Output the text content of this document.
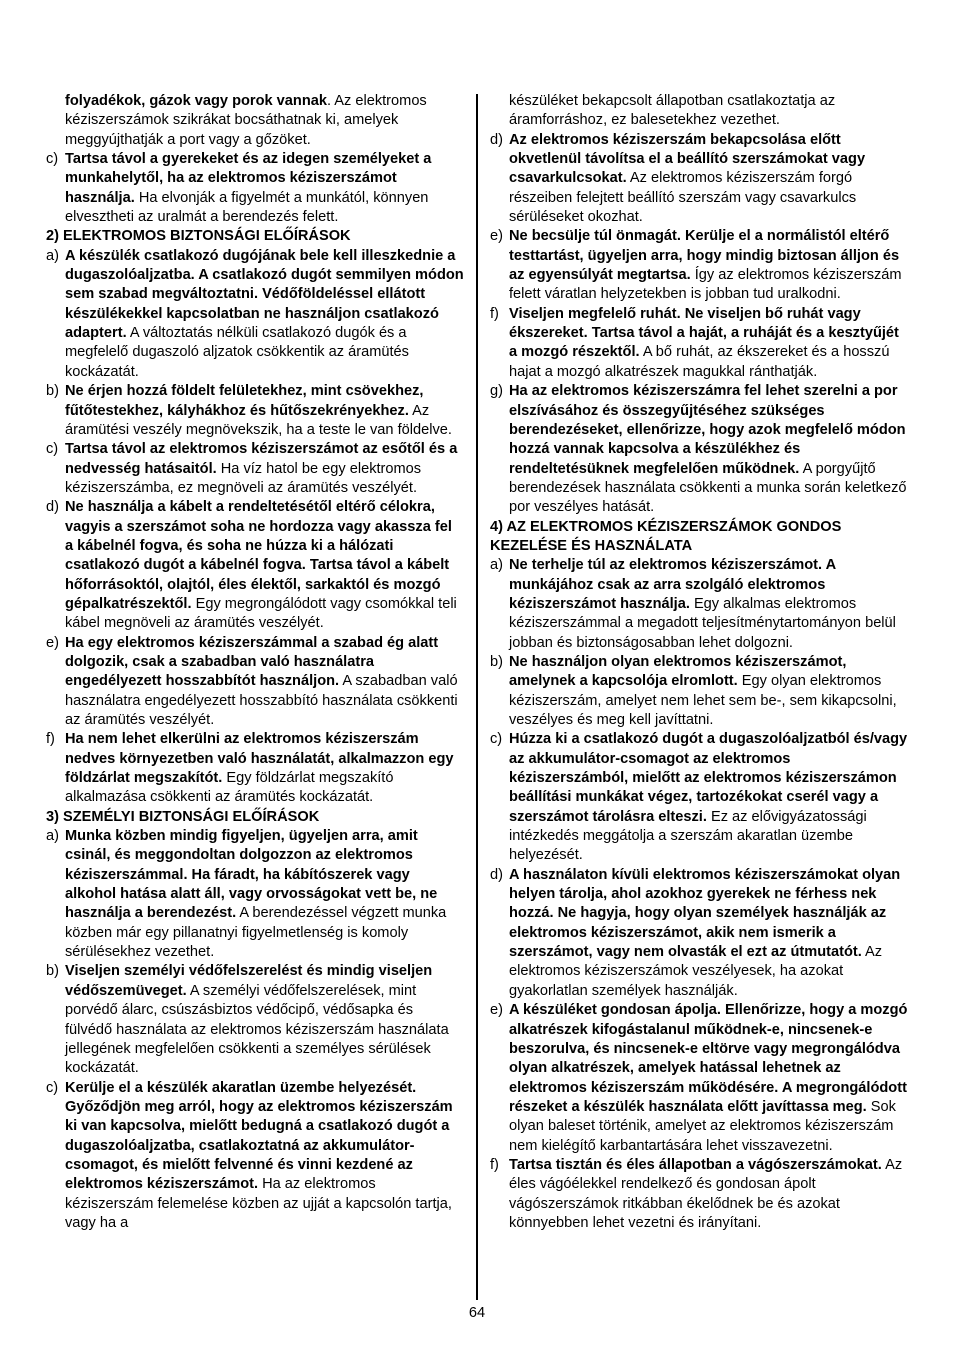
folyadékok, gázok vagy porok vannak. Az elektromos kéziszerszámok szikrákat bocsáthatnak ki, amelyek meggyújthatják a port vagy a gőzöket.

c) Tartsa távol a gyerekeket és az idegen személyeket a munkahelytől, ha az elektromos kéziszerszámot használja. Ha elvonják a figyelmét a munkától, könnyen elvesztheti az uralmát a berendezés felett.

2) ELEKTROMOS BIZTONSÁGI ELŐÍRÁSOK

a) A készülék csatlakozó dugójának bele kell illeszkednie a dugaszolóaljzatba. A csatlakozó dugót semmilyen módon sem szabad megváltoztatni. Védőföldeléssel ellátott készülékekkel kapcsolatban ne használjon csatlakozó adaptert. A változtatás nélküli csatlakozó dugók és a megfelelő dugaszoló aljzatok csökkentik az áramütés kockázatát.

b) Ne érjen hozzá földelt felületekhez, mint csövekhez, fűtőtestekhez, kályhákhoz és hűtőszekrényekhez. Az áramütési veszély megnövekszik, ha a teste le van földelve.

c) Tartsa távol az elektromos kéziszerszámot az esőtől és a nedvesség hatásaitól. Ha víz hatol be egy elektromos kéziszerszámba, ez megnöveli az áramütés veszélyét.

d) Ne használja a kábelt a rendeltetésétől eltérő célokra, vagyis a szerszámot soha ne hordozza vagy akassza fel a kábelnél fogva, és soha ne húzza ki a hálózati csatlakozó dugót a kábelnél fogva. Tartsa távol a kábelt hőforrásoktól, olajtól, éles élektől, sarkaktól és mozgó gépalkatrészektől. Egy megrongálódott vagy csomókkal teli kábel megnöveli az áramütés veszélyét.

e) Ha egy elektromos kéziszerszámmal a szabad ég alatt dolgozik, csak a szabadban való használatra engedélyezett hosszabbítót használjon. A szabadban való használatra engedélyezett hosszabbító használata csökkenti az áramütés veszélyét.

f) Ha nem lehet elkerülni az elektromos kéziszerszám nedves környezetben való használatát, alkalmazzon egy földzárlat megszakítót. Egy földzárlat megszakító alkalmazása csökkenti az áramütés kockázatát.

3) SZEMÉLYI BIZTONSÁGI ELŐÍRÁSOK

a) Munka közben mindig figyeljen, ügyeljen arra, amit csinál, és meggondoltan dolgozzon az elektromos kéziszerszámmal. Ha fáradt, ha kábítószerek vagy alkohol hatása alatt áll, vagy orvosságokat vett be, ne használja a berendezést. A berendezéssel végzett munka közben már egy pillanatnyi figyelmetlenség is komoly sérülésekhez vezethet.

b) Viseljen személyi védőfelszerelést és mindig viseljen védőszemüveget. A személyi védőfelszerelések, mint porvédő álarc, csúszásbiztos védőcipő, védősapka és fülvédő használata az elektromos kéziszerszám használata jellegének megfelelően csökkenti a személyes sérülések kockázatát.

c) Kerülje el a készülék akaratlan üzembe helyezését. Győződjön meg arról, hogy az elektromos kéziszerszám ki van kapcsolva, mielőtt bedugná a csatlakozó dugót a dugaszolóaljzatba, csatlakoztatná az akkumulátor-csomagot, és mielőtt felvenné és vinni kezdené az elektromos kéziszerszámot. Ha az elektromos kéziszerszám felemelése közben az ujját a kapcsolón tartja, vagy ha a

készüléket bekapcsolt állapotban csatlakoztatja az áramforráshoz, ez balesetekhez vezethet.

d) Az elektromos kéziszerszám bekapcsolása előtt okvetlenül távolítsa el a beállító szerszámokat vagy csavarkulcsokat. Az elektromos kéziszerszám forgó részeiben felejtett beállító szerszám vagy csavarkulcs sérüléseket okozhat.

e) Ne becsülje túl önmagát. Kerülje el a normálistól eltérő testtartást, ügyeljen arra, hogy mindig biztosan álljon és az egyensúlyát megtartsa. Így az elektromos kéziszerszám felett váratlan helyzetekben is jobban tud uralkodni.

f) Viseljen megfelelő ruhát. Ne viseljen bő ruhát vagy ékszereket. Tartsa távol a haját, a ruháját és a kesztyűjét a mozgó részektől. A bő ruhát, az ékszereket és a hosszú hajat a mozgó alkatrészek magukkal ránthatják.

g) Ha az elektromos kéziszerszámra fel lehet szerelni a por elszívásához és összegyűjtéséhez szükséges berendezéseket, ellenőrizze, hogy azok megfelelő módon hozzá vannak kapcsolva a készülékhez és rendeltetésüknek megfelelően működnek. A porgyűjtő berendezések használata csökkenti a munka során keletkező por veszélyes hatását.

4) AZ ELEKTROMOS KÉZISZERSZÁMOK GONDOS KEZELÉSE ÉS HASZNÁLATA

a) Ne terhelje túl az elektromos kéziszerszámot. A munkájához csak az arra szolgáló elektromos kéziszerszámot használja. Egy alkalmas elektromos kéziszerszámmal a megadott teljesítménytartományon belül jobban és biztonságosabban lehet dolgozni.

b) Ne használjon olyan elektromos kéziszerszámot, amelynek a kapcsolója elromlott. Egy olyan elektromos kéziszerszám, amelyet nem lehet sem be-, sem kikapcsolni, veszélyes és meg kell javíttatni.

c) Húzza ki a csatlakozó dugót a dugaszolóaljzatból és/vagy az akkumulátor-csomagot az elektromos kéziszerszámból, mielőtt az elektromos kéziszerszámon beállítási munkákat végez, tartozékokat cserél vagy a szerszámot tárolásra elteszi. Ez az elővigyázatossági intézkedés meggátolja a szerszám akaratlan üzembe helyezését.

d) A használaton kívüli elektromos kéziszerszámokat olyan helyen tárolja, ahol azokhoz gyerekek ne férhess nek hozzá. Ne hagyja, hogy olyan személyek használják az elektromos kéziszerszámot, akik nem ismerik a szerszámot, vagy nem olvasták el ezt az útmutatót. Az elektromos kéziszerszámok veszélyesek, ha azokat gyakorlatlan személyek használják.

e) A készüléket gondosan ápolja. Ellenőrizze, hogy a mozgó alkatrészek kifogástalanul működnek-e, nincsenek-e beszorulva, és nincsenek-e eltörve vagy megrongálódva olyan alkatrészek, amelyek hatással lehetnek az elektromos kéziszerszám működésére. A megrongálódott részeket a készülék használata előtt javíttassa meg. Sok olyan baleset történik, amelyet az elektromos kéziszerszám nem kielégítő karbantartására lehet visszavezetni.

f) Tartsa tisztán és éles állapotban a vágószerszámokat. Az éles vágóélekkel rendelkező és gondosan ápolt vágószerszámok ritkábban ékelődnek be és azokat könnyebben lehet vezetni és irányítani.

64
